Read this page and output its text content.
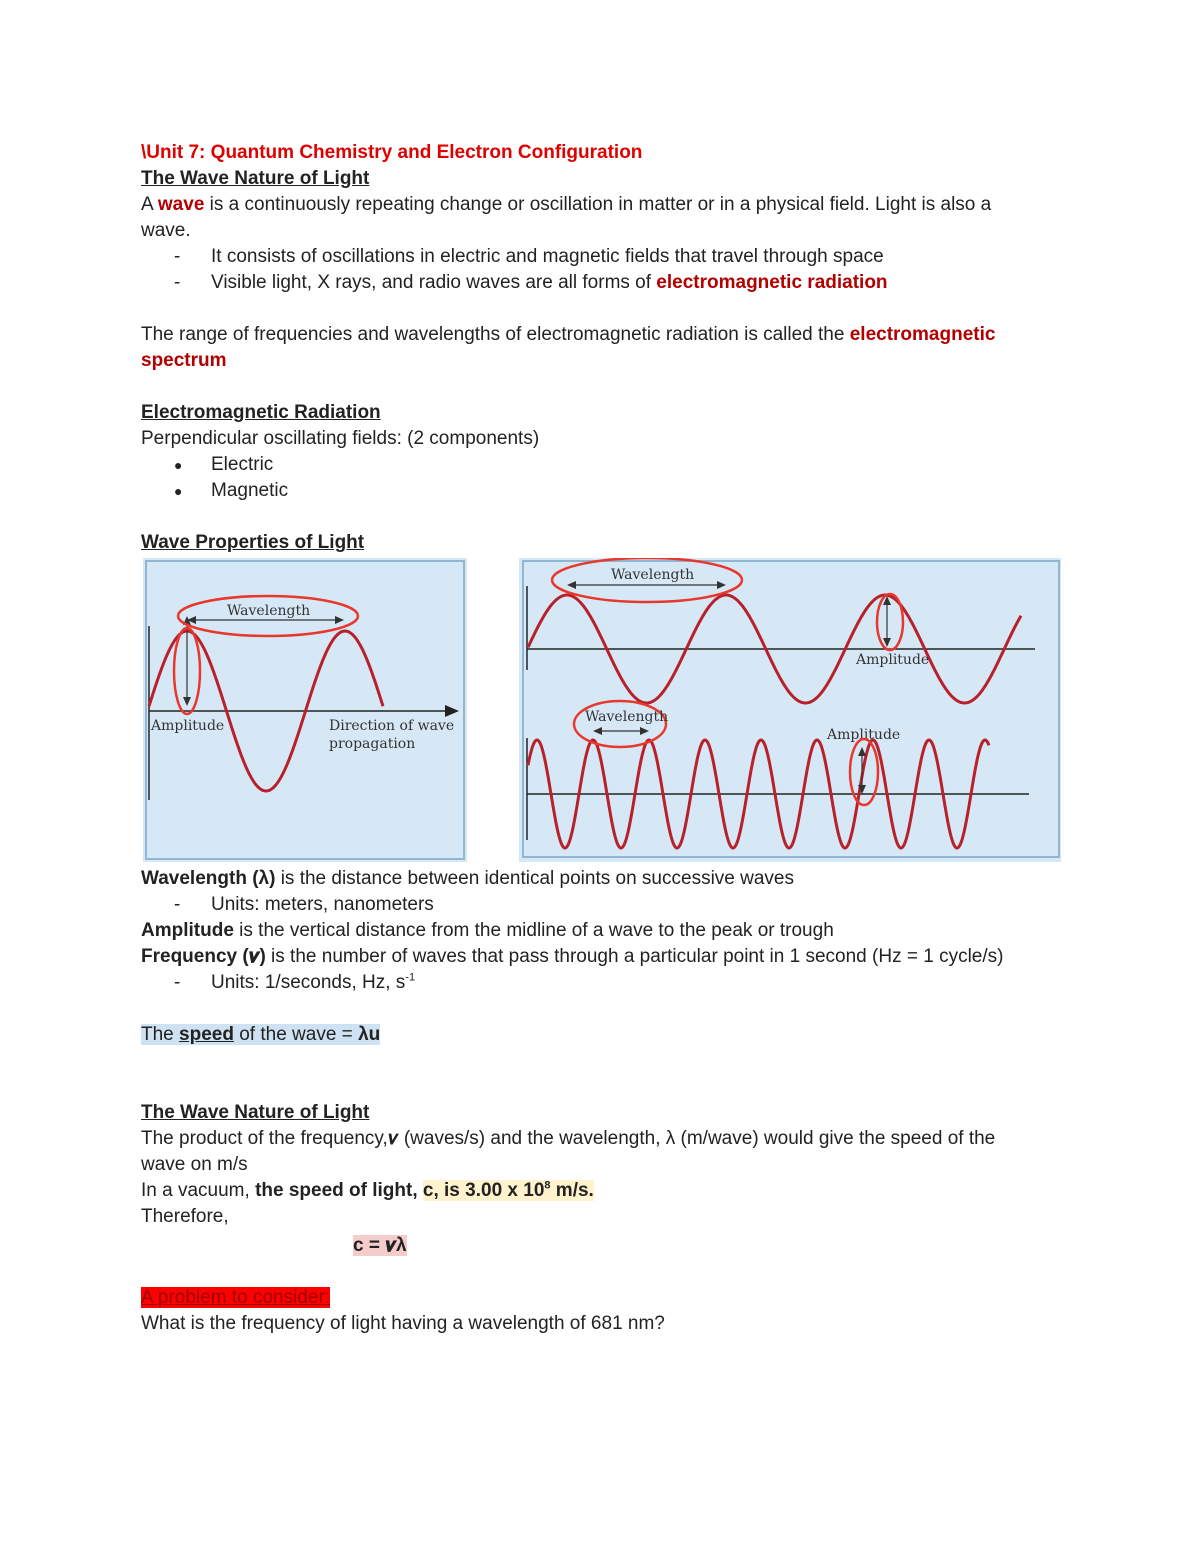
\Unit 7: Quantum Chemistry and Electron Configuration

The Wave Nature of Light

A wave is a continuously repeating change or oscillation in matter or in a physical field. Light is also a wave.

- It consists of oscillations in electric and magnetic fields that travel through space
- Visible light, X rays, and radio waves are all forms of electromagnetic radiation

The range of frequencies and wavelengths of electromagnetic radiation is called the electromagnetic spectrum

Electromagnetic Radiation

Perpendicular oscillating fields: (2 components)

● Electric
● Magnetic

Wave Properties of Light

Wavelength
Amplitude	Direction of wave
propagation
Wavelength
Amplitude
Wavelength
Amplitude

Wavelength (λ) is the distance between identical points on successive waves

- Units: meters, nanometers

Amplitude is the vertical distance from the midline of a wave to the peak or trough

Frequency (𝝂) is the number of waves that pass through a particular point in 1 second (Hz = 1 cycle/s)

- Units: 1/seconds, Hz, $s^{-1}$

The speed of the wave = λu

The Wave Nature of Light

The product of the frequency,𝝂 (waves/s) and the wavelength, λ (m/wave) would give the speed of the wave on m/s

In a vacuum, the speed of light, c, is 3.00 x $10^8$ m/s.

Therefore,

c = 𝝂λ

A problem to consider:

What is the frequency of light having a wavelength of 681 nm?
